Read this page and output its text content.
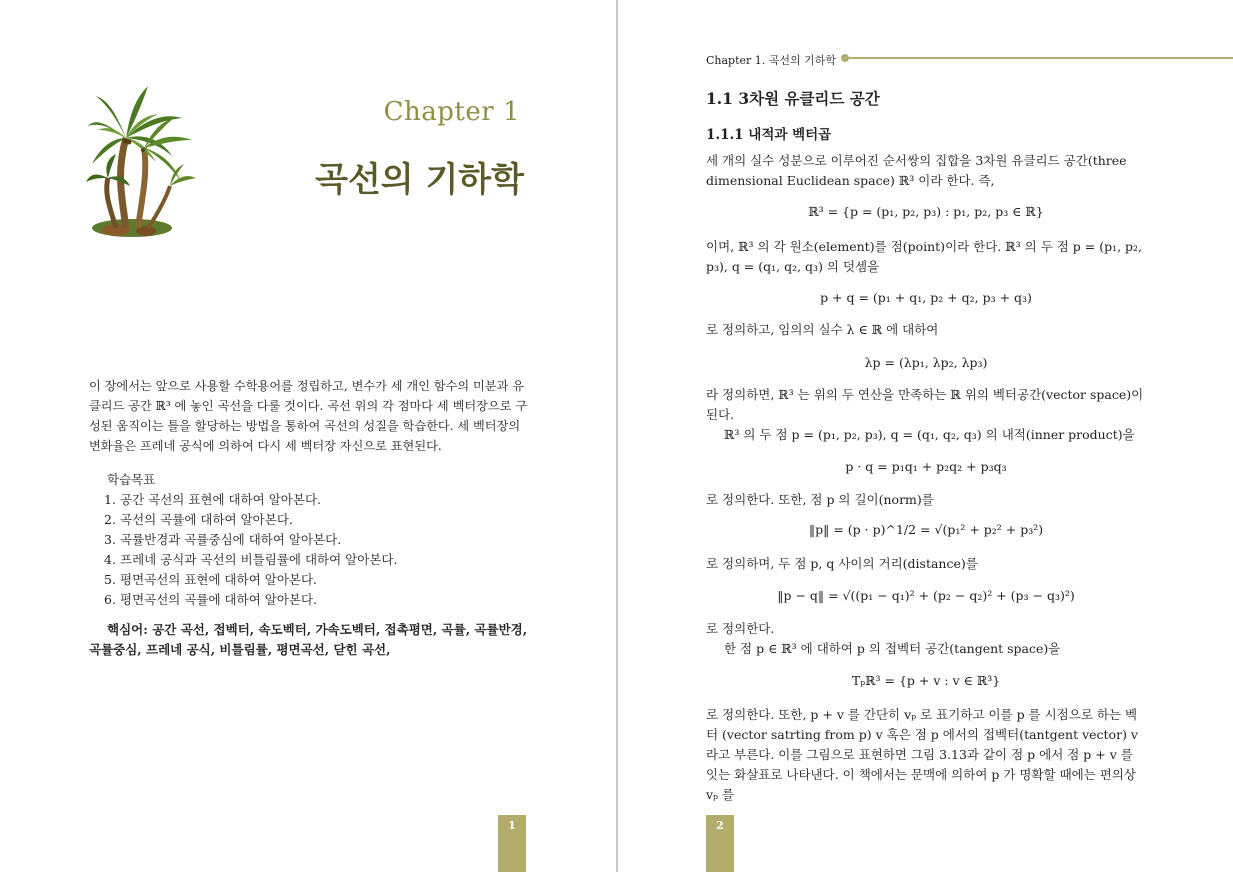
Chapter 1
곡선의 기하학
이 장에서는 앞으로 사용할 수학용어를 정립하고, 변수가 세 개인 함수의 미분과 유클리드 공간 ℝ³ 에 놓인 곡선을 다룰 것이다. 곡선 위의 각 점마다 세 벡터장으로 구성된 움직이는 틀을 할당하는 방법을 통하여 곡선의 성질을 학습한다. 세 벡터장의 변화율은 프레네 공식에 의하여 다시 세 벡터장 자신으로 표현된다.
학습목표
1. 공간 곡선의 표현에 대하여 알아본다.
2. 곡선의 곡률에 대하여 알아본다.
3. 곡률반경과 곡률중심에 대하여 알아본다.
4. 프레네 공식과 곡선의 비틀림률에 대하여 알아본다.
5. 평면곡선의 표현에 대하여 알아본다.
6. 평면곡선의 곡률에 대하여 알아본다.
핵심어: 공간 곡선, 접벡터, 속도벡터, 가속도벡터, 접촉평면, 곡률, 곡률반경, 곡률중심, 프레네 공식, 비틀림률, 평면곡선, 닫힌 곡선,
1
Chapter 1. 곡선의 기하학
1.1 3차원 유클리드 공간
1.1.1 내적과 벡터곱
세 개의 실수 성분으로 이루어진 순서쌍의 집합을 3차원 유클리드 공간(three dimensional Euclidean space) ℝ³ 이라 한다. 즉,
ℝ³ = {p = (p₁, p₂, p₃) : p₁, p₂, p₃ ∈ ℝ}
이며, ℝ³ 의 각 원소(element)를 점(point)이라 한다. ℝ³ 의 두 점 p = (p₁, p₂, p₃), q = (q₁, q₂, q₃) 의 덧셈을
p + q = (p₁ + q₁, p₂ + q₂, p₃ + q₃)
로 정의하고, 임의의 실수 λ ∈ ℝ 에 대하여
λp = (λp₁, λp₂, λp₃)
라 정의하면, ℝ³ 는 위의 두 연산을 만족하는 ℝ 위의 벡터공간(vector space)이 된다.
ℝ³ 의 두 점 p = (p₁, p₂, p₃), q = (q₁, q₂, q₃) 의 내적(inner product)을
p · q = p₁q₁ + p₂q₂ + p₃q₃
로 정의한다. 또한, 점 p 의 길이(norm)를
‖p‖ = (p · p)^1/2 = √(p₁² + p₂² + p₃²)
로 정의하며, 두 점 p, q 사이의 거리(distance)를
‖p − q‖ = √((p₁ − q₁)² + (p₂ − q₂)² + (p₃ − q₃)²)
로 정의한다.
한 점 p ∈ ℝ³ 에 대하여 p 의 접벡터 공간(tangent space)을
Tₚℝ³ = {p + v : v ∈ ℝ³}
로 정의한다. 또한, p + v 를 간단히 vₚ 로 표기하고 이를 p 를 시점으로 하는 벡터 (vector satrting from p) v 혹은 점 p 에서의 접벡터(tantgent vector) v 라고 부른다. 이를 그림으로 표현하면 그림 3.13과 같이 점 p 에서 점 p + v 를 잇는 화살표로 나타낸다. 이 책에서는 문맥에 의하여 p 가 명확할 때에는 편의상 vₚ 를
2
